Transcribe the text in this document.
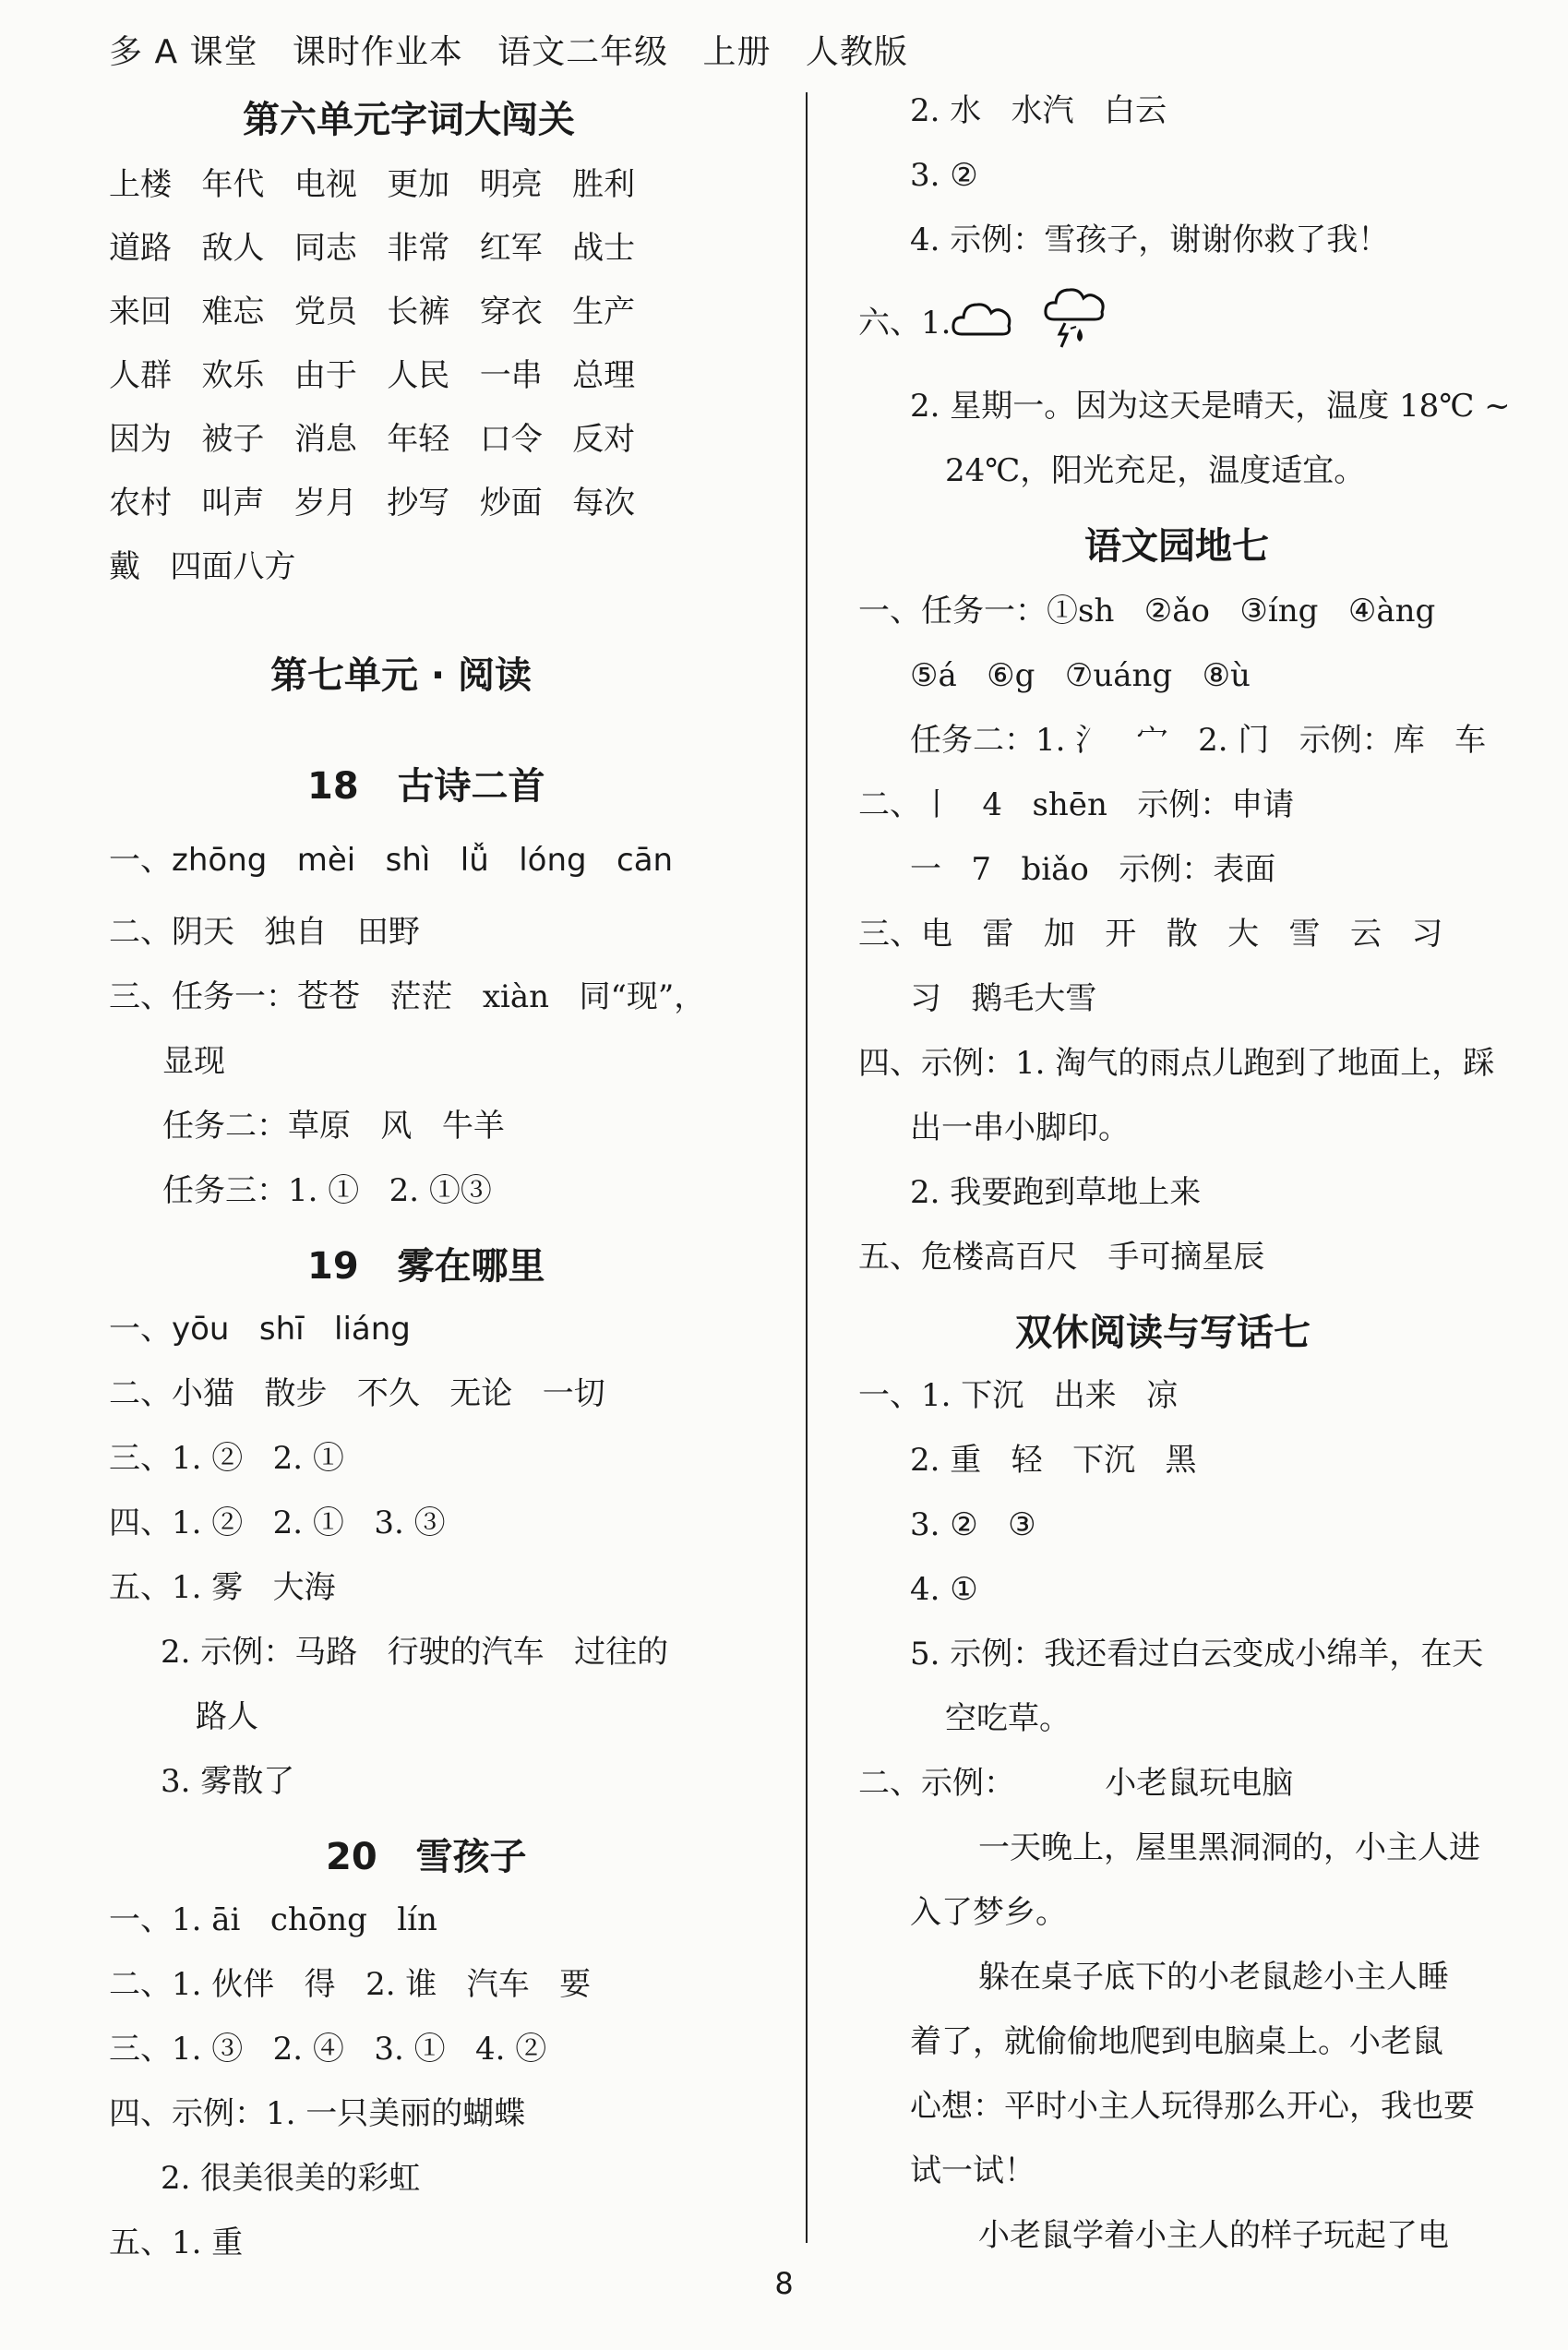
多 A 课堂   课时作业本   语文二年级   上册   人教版
第六单元字词大闯关
上楼   年代   电视   更加   明亮   胜利
道路   敌人   同志   非常   红军   战士
来回   难忘   党员   长裤   穿衣   生产
人群   欢乐   由于   人民   一串   总理
因为   被子   消息   年轻   口令   反对
农村   叫声   岁月   抄写   炒面   每次
戴   四面八方
第七单元 · 阅读
18   古诗二首
一、zhōng   mèi   shì   lǚ   lóng   cān
二、阴天   独自   田野
三、任务一：苍苍   茫茫   xiàn   同“现”，
显现
任务二：草原   风   牛羊
任务三：1. ①   2. ①③
19   雾在哪里
一、yōu   shī   liáng
二、小猫   散步   不久   无论   一切
三、1. ②   2. ①
四、1. ②   2. ①   3. ③
五、1. 雾   大海
2. 示例：马路   行驶的汽车   过往的
路人
3. 雾散了
20   雪孩子
一、1. āi   chōng   lín
二、1. 伙伴   得   2. 谁   汽车   要
三、1. ③   2. ④   3. ①   4. ②
四、示例：1. 一只美丽的蝴蝶
2. 很美很美的彩虹
五、1. 重
2. 水   水汽   白云
3. ②
4. 示例：雪孩子，谢谢你救了我！
六、1.
2. 星期一。因为这天是晴天，温度 18℃ ~
24℃，阳光充足，温度适宜。
语文园地七
一、任务一：①sh   ②ǎo   ③íng   ④àng
⑤á   ⑥g   ⑦uáng   ⑧ù
任务二：1. 氵   宀   2. 门   示例：库   车
二、丨   4   shēn   示例：申请
一   7   biǎo   示例：表面
三、电   雷   加   开   散   大   雪   云   习
习   鹅毛大雪
四、示例：1. 淘气的雨点儿跑到了地面上，踩
出一串小脚印。
2. 我要跑到草地上来
五、危楼高百尺   手可摘星辰
双休阅读与写话七
一、1. 下沉   出来   凉
2. 重   轻   下沉   黑
3. ②   ③
4. ①
5. 示例：我还看过白云变成小绵羊，在天
空吃草。
二、示例：         小老鼠玩电脑
一天晚上，屋里黑洞洞的，小主人进
入了梦乡。
躲在桌子底下的小老鼠趁小主人睡
着了，就偷偷地爬到电脑桌上。小老鼠
心想：平时小主人玩得那么开心，我也要
试一试！
小老鼠学着小主人的样子玩起了电
8
